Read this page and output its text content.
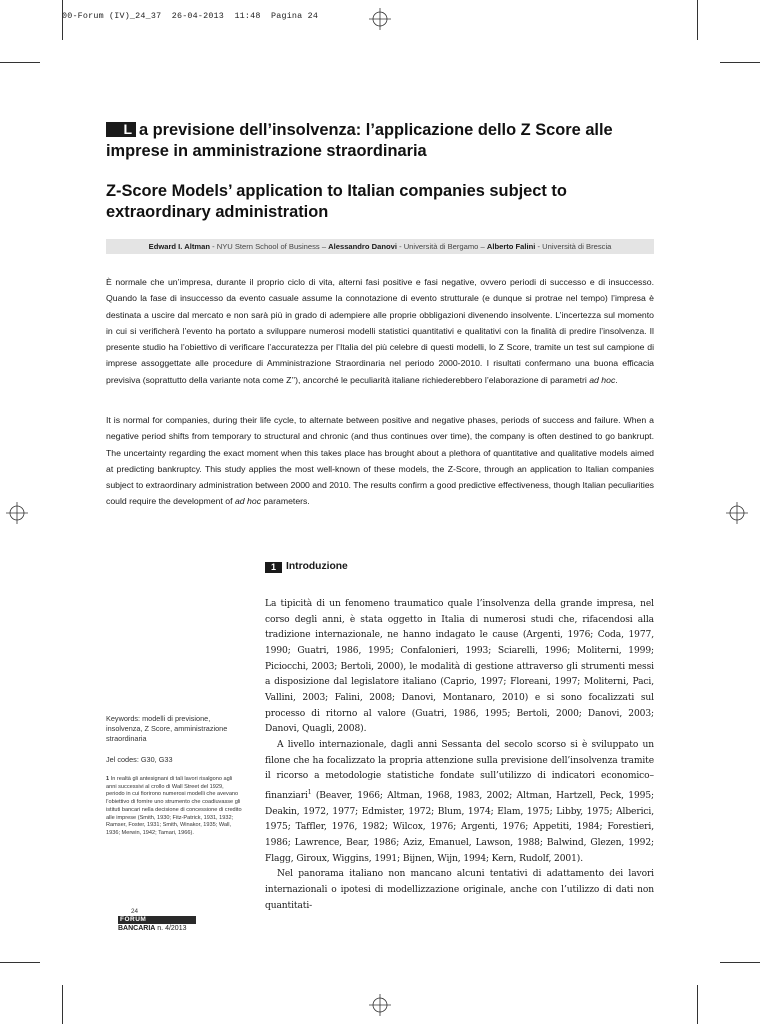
00-Forum (IV)_24_37  26-04-2013  11:48  Pagina 24
L a previsione dell’insolvenza: l’applicazione dello Z Score alle imprese in amministrazione straordinaria
Z-Score Models’ application to Italian companies subject to extraordinary administration
Edward I. Altman - NYU Stern School of Business – Alessandro Danovi - Università di Bergamo – Alberto Falini - Università di Brescia

È normale che un’impresa, durante il proprio ciclo di vita, alterni fasi positive e fasi negative, ovvero periodi di successo e di insuccesso. Quando la fase di insuccesso da evento casuale assume la connotazione di evento strutturale (e dunque si protrae nel tempo) l’impresa è destinata a uscire dal mercato e non sarà più in grado di adempiere alle proprie obbligazioni divenendo insolvente. L’incertezza sul momento in cui si verificherà l’evento ha portato a sviluppare numerosi modelli statistici quantitativi e qualitativi con la finalità di predire l’insolvenza. Il presente studio ha l’obiettivo di verificare l’accuratezza per l’Italia del più celebre di questi modelli, lo Z Score, tramite un test sul campione di imprese assoggettate alle procedure di Amministrazione Straordinaria nel periodo 2000-2010. I risultati confermano una buona efficacia previsiva (soprattutto della variante nota come Z’’), ancorché le peculiarità italiane richiederebbero l’elaborazione di parametri ad hoc.

It is normal for companies, during their life cycle, to alternate between positive and negative phases, periods of success and failure. When a negative period shifts from temporary to structural and chronic (and thus continues over time), the company is often destined to go bankrupt. The uncertainty regarding the exact moment when this takes place has brought about a plethora of quantitative and qualitative models aimed at predicting bankruptcy. This study applies the most well-known of these models, the Z-Score, through an application to Italian companies subject to extraordinary administration between 2000 and 2010. The results confirm a good predictive effectiveness, though Italian peculiarities could require the development of ad hoc parameters.

1 Introduzione
La tipicità di un fenomeno traumatico quale l’insolvenza della grande impresa, nel corso degli anni, è stata oggetto in Italia di numerosi studi che, rifacendosi alla tradizione internazionale, ne hanno indagato le cause (Argenti, 1976; Coda, 1977, 1990; Guatri, 1986, 1995; Confalonieri, 1993; Sciarelli, 1996; Moliterni, 1999; Piciocchi, 2003; Bertoli, 2000), le modalità di gestione attraverso gli strumenti messi a disposizione dal legislatore italiano (Caprio, 1997; Floreani, 1997; Moliterni, Paci, Vallini, 2003; Falini, 2008; Danovi, Montanaro, 2010) e si sono focalizzati sul processo di ritorno al valore (Guatri, 1986, 1995; Bertoli, 2000; Danovi, 2003; Danovi, Quagli, 2008).
A livello internazionale, dagli anni Sessanta del secolo scorso si è sviluppato un filone che ha focalizzato la propria attenzione sulla previsione dell’insolvenza tramite il ricorso a metodologie statistiche fondate sull’utilizzo di indicatori economico–finanziari$^1$ (Beaver, 1966; Altman, 1968, 1983, 2002; Altman, Hartzell, Peck, 1995; Deakin, 1972, 1977; Edmister, 1972; Blum, 1974; Elam, 1975; Libby, 1975; Alberici, 1975; Taffler, 1976, 1982; Wilcox, 1976; Argenti, 1976; Appetiti, 1984; Forestieri, 1986; Lawrence, Bear, 1986; Aziz, Emanuel, Lawson, 1988; Balwind, Glezen, 1992; Flagg, Giroux, Wiggins, 1991; Bijnen, Wijn, 1994; Kern, Rudolf, 2001).
Nel panorama italiano non mancano alcuni tentativi di adattamento dei lavori internazionali o ipotesi di modellizzazione originale, anche con l’utilizzo di dati non quantitati-

Keywords: modelli di previsione, insolvenza, Z Score, amministrazione straordinaria

Jel codes: G30, G33

1 In realtà gli antesignani di tali lavori risalgono agli anni successivi al crollo di Wall Street del 1929, periodo in cui fiorirono numerosi modelli che avevano l’obiettivo di fornire uno strumento che coadiuvasse gli istituti bancari nella decisione di concessione di credito alle imprese (Smith, 1930; Fitz-Patrick, 1931, 1932; Ramser, Foster, 1931; Smith, Winakor, 1935; Wall, 1936; Merwin, 1942; Tamari, 1966).

24
FORUM
BANCARIA n. 4/2013
